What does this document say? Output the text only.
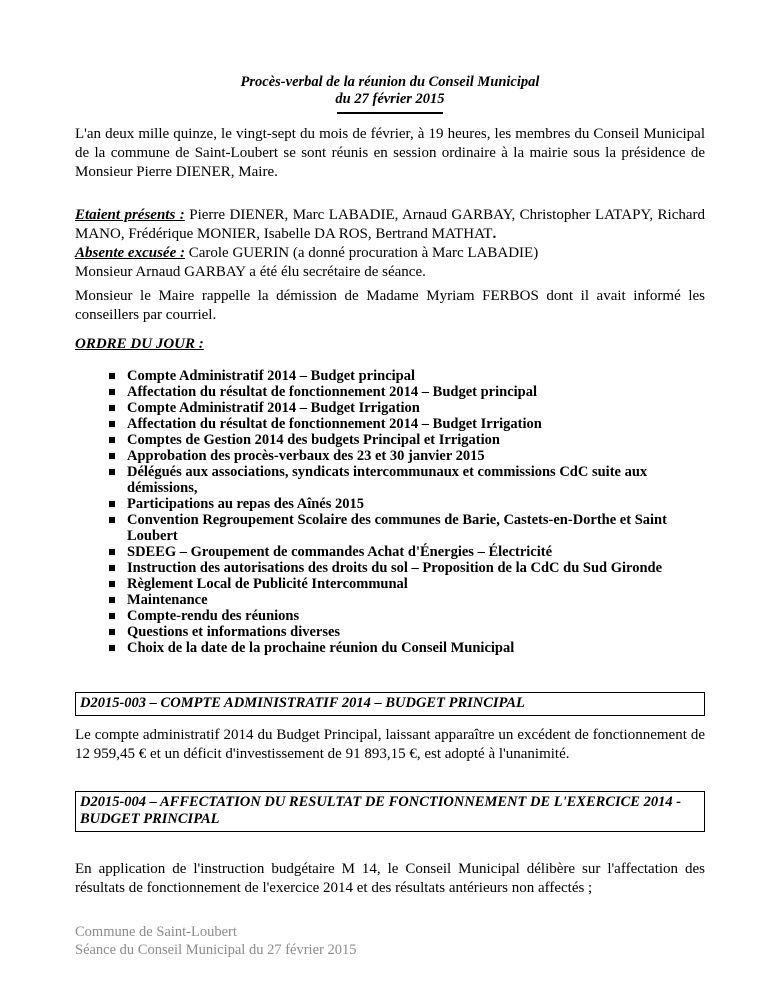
Procès-verbal de la réunion du Conseil Municipal
du 27 février 2015

L'an deux mille quinze, le vingt-sept du mois de février, à 19 heures, les membres du Conseil Municipal de la commune de Saint-Loubert se sont réunis en session ordinaire à la mairie sous la présidence de Monsieur Pierre DIENER, Maire.

Etaient présents : Pierre DIENER, Marc LABADIE, Arnaud GARBAY, Christopher LATAPY, Richard MANO, Frédérique MONIER, Isabelle DA ROS, Bertrand MATHAT.
Absente excusée : Carole GUERIN (a donné procuration à Marc LABADIE)
Monsieur Arnaud GARBAY a été élu secrétaire de séance.

Monsieur le Maire rappelle la démission de Madame Myriam FERBOS dont il avait informé les conseillers par courriel.

ORDRE DU JOUR :
Compte Administratif 2014 – Budget principal
Affectation du résultat de fonctionnement 2014 – Budget principal
Compte Administratif 2014 – Budget Irrigation
Affectation du résultat de fonctionnement 2014 – Budget Irrigation
Comptes de Gestion 2014 des budgets Principal et Irrigation
Approbation des procès-verbaux des 23 et 30 janvier 2015
Délégués aux associations, syndicats intercommunaux et commissions CdC suite aux démissions,
Participations au repas des Aînés 2015
Convention Regroupement Scolaire des communes de Barie, Castets-en-Dorthe et Saint Loubert
SDEEG – Groupement de commandes Achat d'Énergies – Électricité
Instruction des autorisations des droits du sol – Proposition de la CdC du Sud Gironde
Règlement Local de Publicité Intercommunal
Maintenance
Compte-rendu des réunions
Questions et informations diverses
Choix de la date de la prochaine réunion du Conseil Municipal
D2015-003 – COMPTE ADMINISTRATIF 2014 – BUDGET PRINCIPAL

Le compte administratif 2014 du Budget Principal, laissant apparaître un excédent de fonctionnement de 12 959,45 € et un déficit d'investissement de 91 893,15 €, est adopté à l'unanimité.

D2015-004 – AFFECTATION DU RESULTAT DE FONCTIONNEMENT DE L'EXERCICE 2014 - BUDGET PRINCIPAL

En application de l'instruction budgétaire M 14, le Conseil Municipal délibère sur l'affectation des résultats de fonctionnement de l'exercice 2014 et des résultats antérieurs non affectés ;

Commune de Saint-Loubert
Séance du Conseil Municipal du 27 février 2015
